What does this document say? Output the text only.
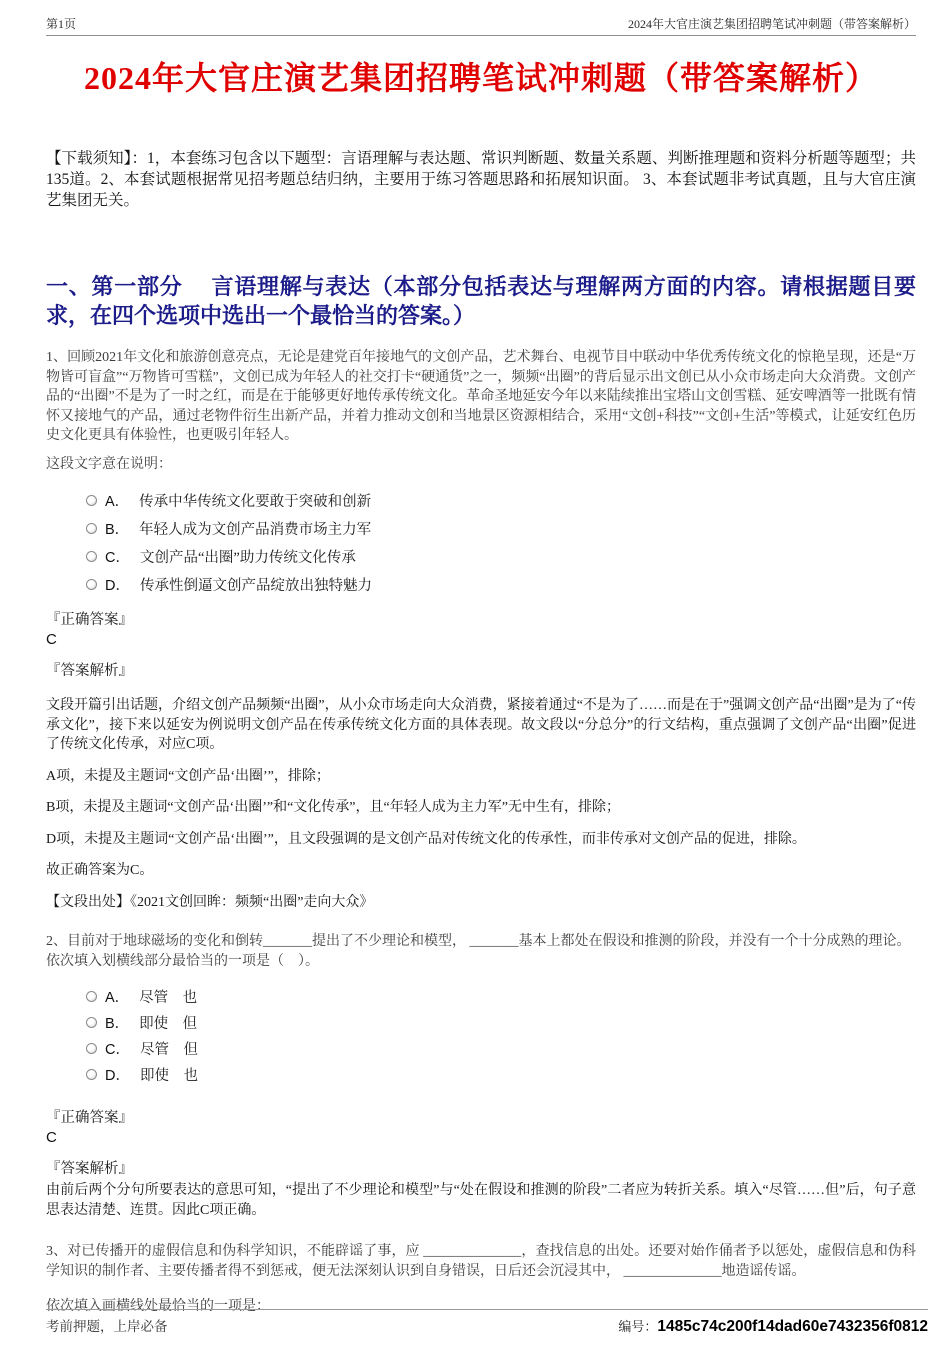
第1页	2024年大官庄演艺集团招聘笔试冲刺题（带答案解析）
2024年大官庄演艺集团招聘笔试冲刺题（带答案解析）
【下载须知】：1，本套练习包含以下题型：言语理解与表达题、常识判断题、数量关系题、判断推理题和资料分析题等题型；共135道。2、本套试题根据常见招考题总结归纳，主要用于练习答题思路和拓展知识面。 3、本套试题非考试真题，且与大官庄演艺集团无关。
一、第一部分　 言语理解与表达（本部分包括表达与理解两方面的内容。请根据题目要求，在四个选项中选出一个最恰当的答案。）
1、回顾2021年文化和旅游创意亮点，无论是建党百年接地气的文创产品，艺术舞台、电视节目中联动中华优秀传统文化的惊艳呈现，还是“万物皆可盲盒”“万物皆可雪糕”，文创已成为年轻人的社交打卡“硬通货”之一，频频“出圈”的背后显示出文创已从小众市场走向大众消费。文创产品的“出圈”不是为了一时之红，而是在于能够更好地传承传统文化。革命圣地延安今年以来陆续推出宝塔山文创雪糕、延安啤酒等一批既有情怀又接地气的产品，通过老物件衍生出新产品，并着力推动文创和当地景区资源相结合，采用“文创+科技”“文创+生活”等模式，让延安红色历史文化更具有体验性，也更吸引年轻人。
这段文字意在说明：
A． 传承中华传统文化要敢于突破和创新
B． 年轻人成为文创产品消费市场主力军
C． 文创产品“出圈”助力传统文化传承
D． 传承性倒逼文创产品绽放出独特魅力
『正确答案』
C
『答案解析』
文段开篇引出话题，介绍文创产品频频“出圈”，从小众市场走向大众消费，紧接着通过“不是为了……而是在于”强调文创产品“出圈”是为了“传承文化”，接下来以延安为例说明文创产品在传承传统文化方面的具体表现。故文段以“分总分”的行文结构，重点强调了文创产品“出圈”促进了传统文化传承，对应C项。
A项，未提及主题词“文创产品‘出圈’”，排除；
B项，未提及主题词“文创产品‘出圈’”和“文化传承”，且“年轻人成为主力军”无中生有，排除；
D项，未提及主题词“文创产品‘出圈’”，且文段强调的是文创产品对传统文化的传承性，而非传承对文创产品的促进，排除。
故正确答案为C。
【文段出处】《2021文创回眸：频频“出圈”走向大众》
2、目前对于地球磁场的变化和倒转_______提出了不少理论和模型， _______基本上都处在假设和推测的阶段，并没有一个十分成熟的理论。
依次填入划横线部分最恰当的一项是（　）。
A． 尽管　也
B． 即使　但
C． 尽管　但
D． 即使　也
『正确答案』
C
『答案解析』
由前后两个分句所要表达的意思可知，“提出了不少理论和模型”与“处在假设和推测的阶段”二者应为转折关系。填入“尽管……但”后，句子意思表达清楚、连贯。因此C项正确。
3、对已传播开的虚假信息和伪科学知识，不能辟谣了事，应 ______________，查找信息的出处。还要对始作俑者予以惩处，虚假信息和伪科学知识的制作者、主要传播者得不到惩戒，便无法深刻认识到自身错误，日后还会沉浸其中， ______________地造谣传谣。
依次填入画横线处最恰当的一项是：
考前押题，上岸必备	编号：1485c74c200f14dad60e7432356f0812
